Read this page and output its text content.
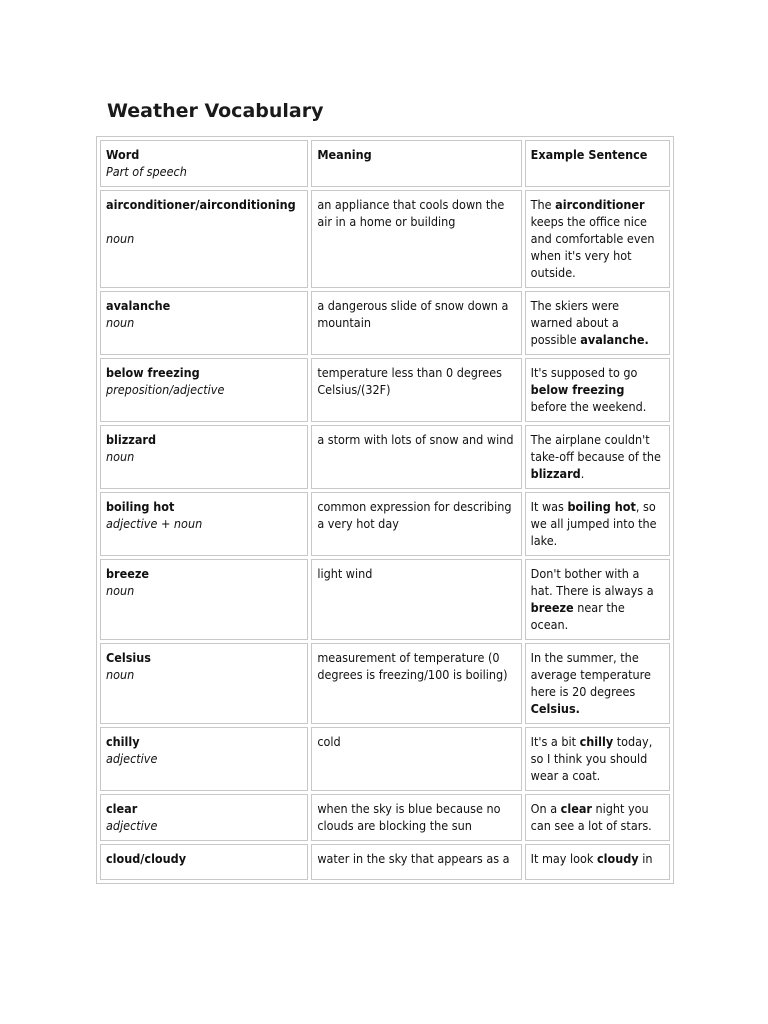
Weather Vocabulary
Word
Part of speech	Meaning	Example Sentence

airconditioner/airconditioning
noun	an appliance that cools down the air in a home or building	The airconditioner keeps the office nice and comfortable even when it's very hot outside.

avalanche
noun	a dangerous slide of snow down a mountain	The skiers were warned about a possible avalanche.

below freezing
preposition/adjective	temperature less than 0 degrees Celsius/(32F)	It's supposed to go below freezing before the weekend.

blizzard
noun	a storm with lots of snow and wind	The airplane couldn't take-off because of the blizzard.

boiling hot
adjective + noun	common expression for describing a very hot day	It was boiling hot, so we all jumped into the lake.

breeze
noun	light wind	Don't bother with a hat. There is always a breeze near the ocean.

Celsius
noun	measurement of temperature (0 degrees is freezing/100 is boiling)	In the summer, the average temperature here is 20 degrees Celsius.

chilly
adjective	cold	It's a bit chilly today, so I think you should wear a coat.

clear
adjective	when the sky is blue because no clouds are blocking the sun	On a clear night you can see a lot of stars.

cloud/cloudy	water in the sky that appears as a	It may look cloudy in
